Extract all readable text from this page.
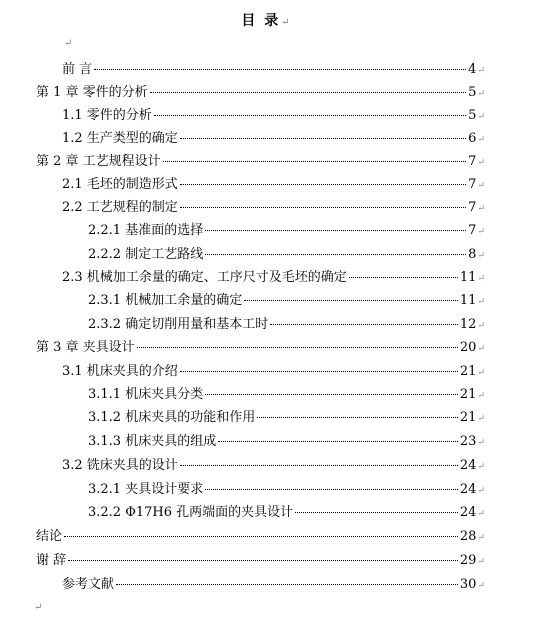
目 录↵
↵
前 言	4 ↵
第 1 章 零件的分析	5 ↵
1.1 零件的分析	5 ↵
1.2 生产类型的确定	6 ↵
第 2 章 工艺规程设计	7 ↵
2.1 毛坯的制造形式	7 ↵
2.2 工艺规程的制定	7 ↵
2.2.1 基准面的选择	7 ↵
2.2.2 制定工艺路线	8 ↵
2.3 机械加工余量的确定、工序尺寸及毛坯的确定	11 ↵
2.3.1 机械加工余量的确定	11 ↵
2.3.2 确定切削用量和基本工时	12 ↵
第 3 章 夹具设计	20 ↵
3.1 机床夹具的介绍	21 ↵
3.1.1 机床夹具分类	21 ↵
3.1.2 机床夹具的功能和作用	21 ↵
3.1.3 机床夹具的组成	23 ↵
3.2 铣床夹具的设计	24 ↵
3.2.1 夹具设计要求	24 ↵
3.2.2 Φ17H6 孔两端面的夹具设计	24 ↵
结论	28 ↵
谢 辞	29 ↵
参考文献	30 ↵
↵
